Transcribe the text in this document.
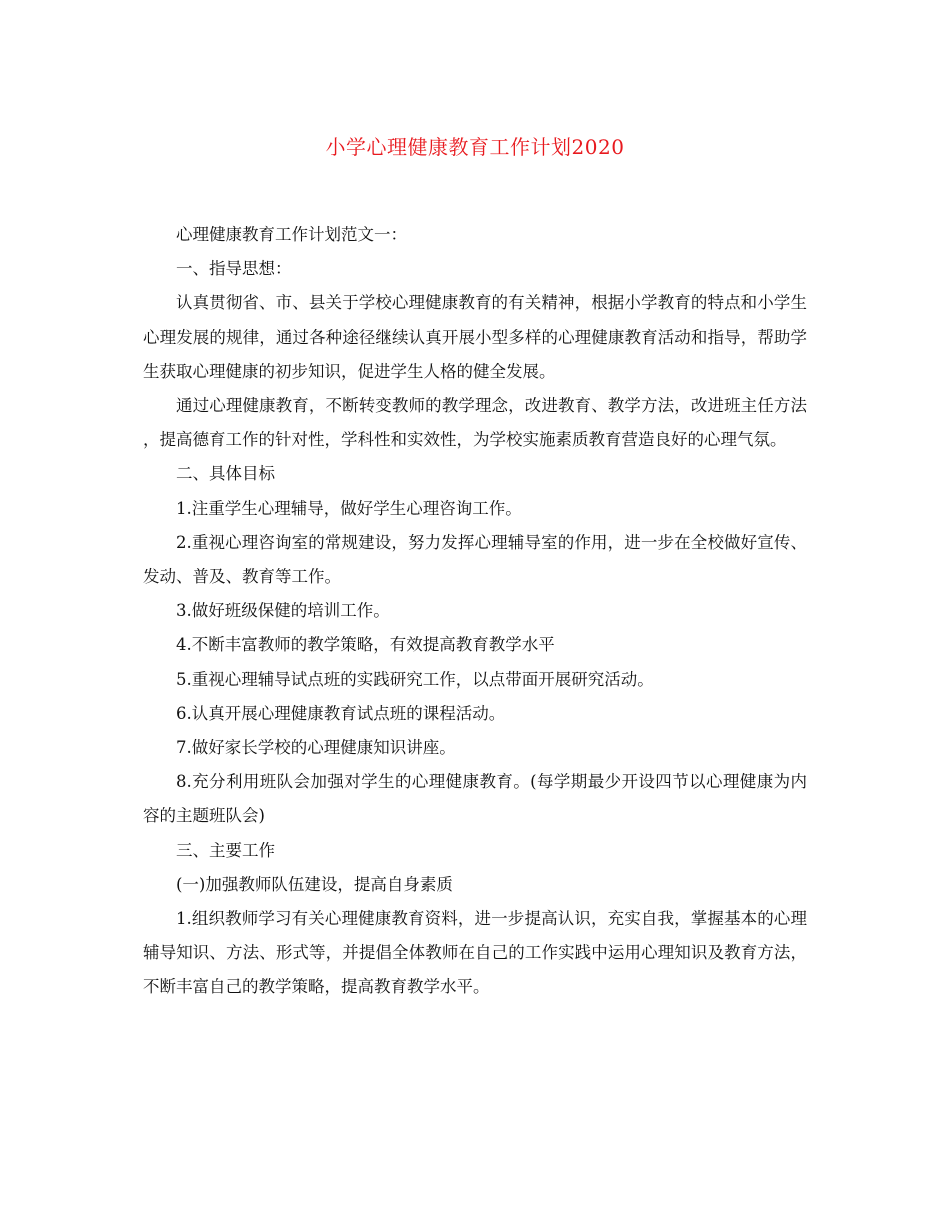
小学心理健康教育工作计划2020

心理健康教育工作计划范文一：

一、指导思想：

认真贯彻省、市、县关于学校心理健康教育的有关精神，根据小学教育的特点和小学生心理发展的规律，通过各种途径继续认真开展小型多样的心理健康教育活动和指导，帮助学生获取心理健康的初步知识，促进学生人格的健全发展。

通过心理健康教育，不断转变教师的教学理念，改进教育、教学方法，改进班主任方法，提高德育工作的针对性，学科性和实效性，为学校实施素质教育营造良好的心理气氛。

二、具体目标

1.注重学生心理辅导，做好学生心理咨询工作。

2.重视心理咨询室的常规建设，努力发挥心理辅导室的作用，进一步在全校做好宣传、发动、普及、教育等工作。

3.做好班级保健的培训工作。

4.不断丰富教师的教学策略，有效提高教育教学水平

5.重视心理辅导试点班的实践研究工作，以点带面开展研究活动。

6.认真开展心理健康教育试点班的课程活动。

7.做好家长学校的心理健康知识讲座。

8.充分利用班队会加强对学生的心理健康教育。(每学期最少开设四节以心理健康为内容的主题班队会)

三、主要工作

(一)加强教师队伍建设，提高自身素质

1.组织教师学习有关心理健康教育资料，进一步提高认识，充实自我，掌握基本的心理辅导知识、方法、形式等，并提倡全体教师在自己的工作实践中运用心理知识及教育方法，不断丰富自己的教学策略，提高教育教学水平。
